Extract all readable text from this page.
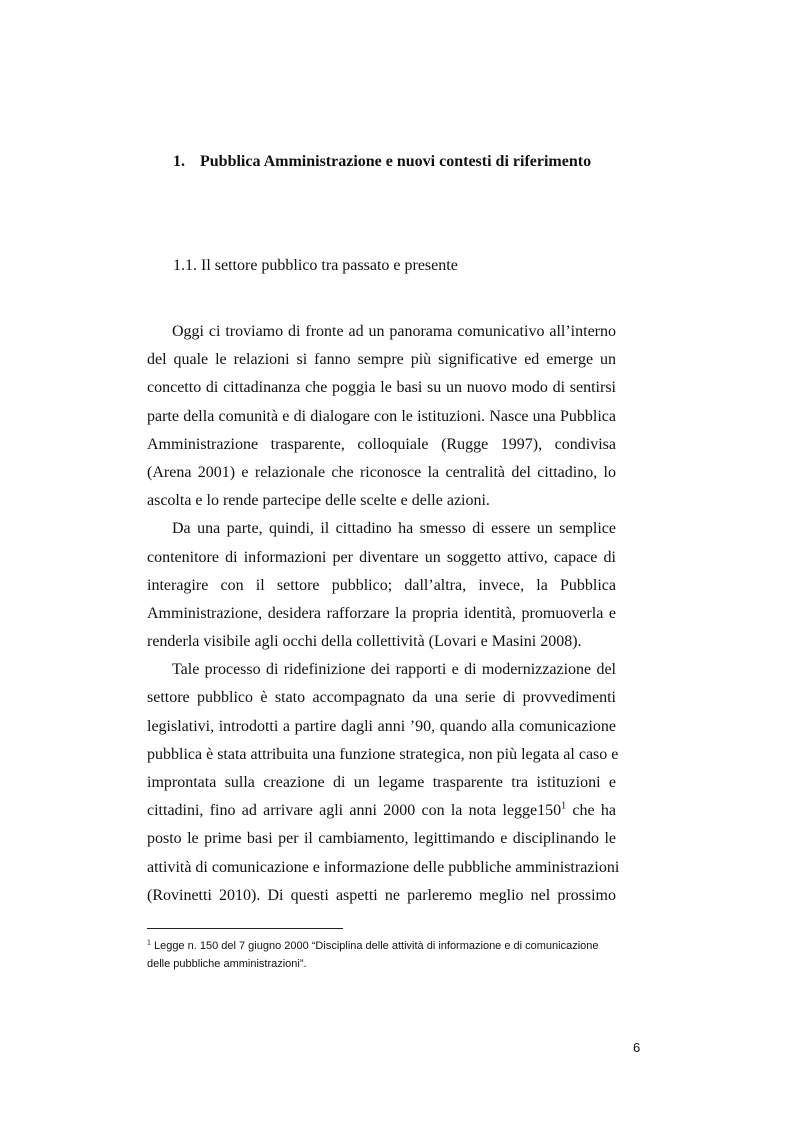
1. Pubblica Amministrazione e nuovi contesti di riferimento
1.1. Il settore pubblico tra passato e presente
Oggi ci troviamo di fronte ad un panorama comunicativo all’interno
del quale le relazioni si fanno sempre più significative ed emerge un
concetto di cittadinanza che poggia le basi su un nuovo modo di sentirsi
parte della comunità e di dialogare con le istituzioni. Nasce una Pubblica
Amministrazione trasparente, colloquiale (Rugge 1997), condivisa
(Arena 2001) e relazionale che riconosce la centralità del cittadino, lo
ascolta e lo rende partecipe delle scelte e delle azioni.
Da una parte, quindi, il cittadino ha smesso di essere un semplice
contenitore di informazioni per diventare un soggetto attivo, capace di
interagire con il settore pubblico; dall’altra, invece, la Pubblica
Amministrazione, desidera rafforzare la propria identità, promuoverla e
renderla visibile agli occhi della collettività (Lovari e Masini 2008).
Tale processo di ridefinizione dei rapporti e di modernizzazione del
settore pubblico è stato accompagnato da una serie di provvedimenti
legislativi, introdotti a partire dagli anni ’90, quando alla comunicazione
pubblica è stata attribuita una funzione strategica, non più legata al caso e
improntata sulla creazione di un legame trasparente tra istituzioni e
cittadini, fino ad arrivare agli anni 2000 con la nota $legge150^1$ che ha
posto le prime basi per il cambiamento, legittimando e disciplinando le
attività di comunicazione e informazione delle pubbliche amministrazioni
(Rovinetti 2010). Di questi aspetti ne parleremo meglio nel prossimo
$^1$ Legge n. 150 del 7 giugno 2000 “Disciplina delle attività di informazione e di comunicazione
delle pubbliche amministrazioni”.
6
